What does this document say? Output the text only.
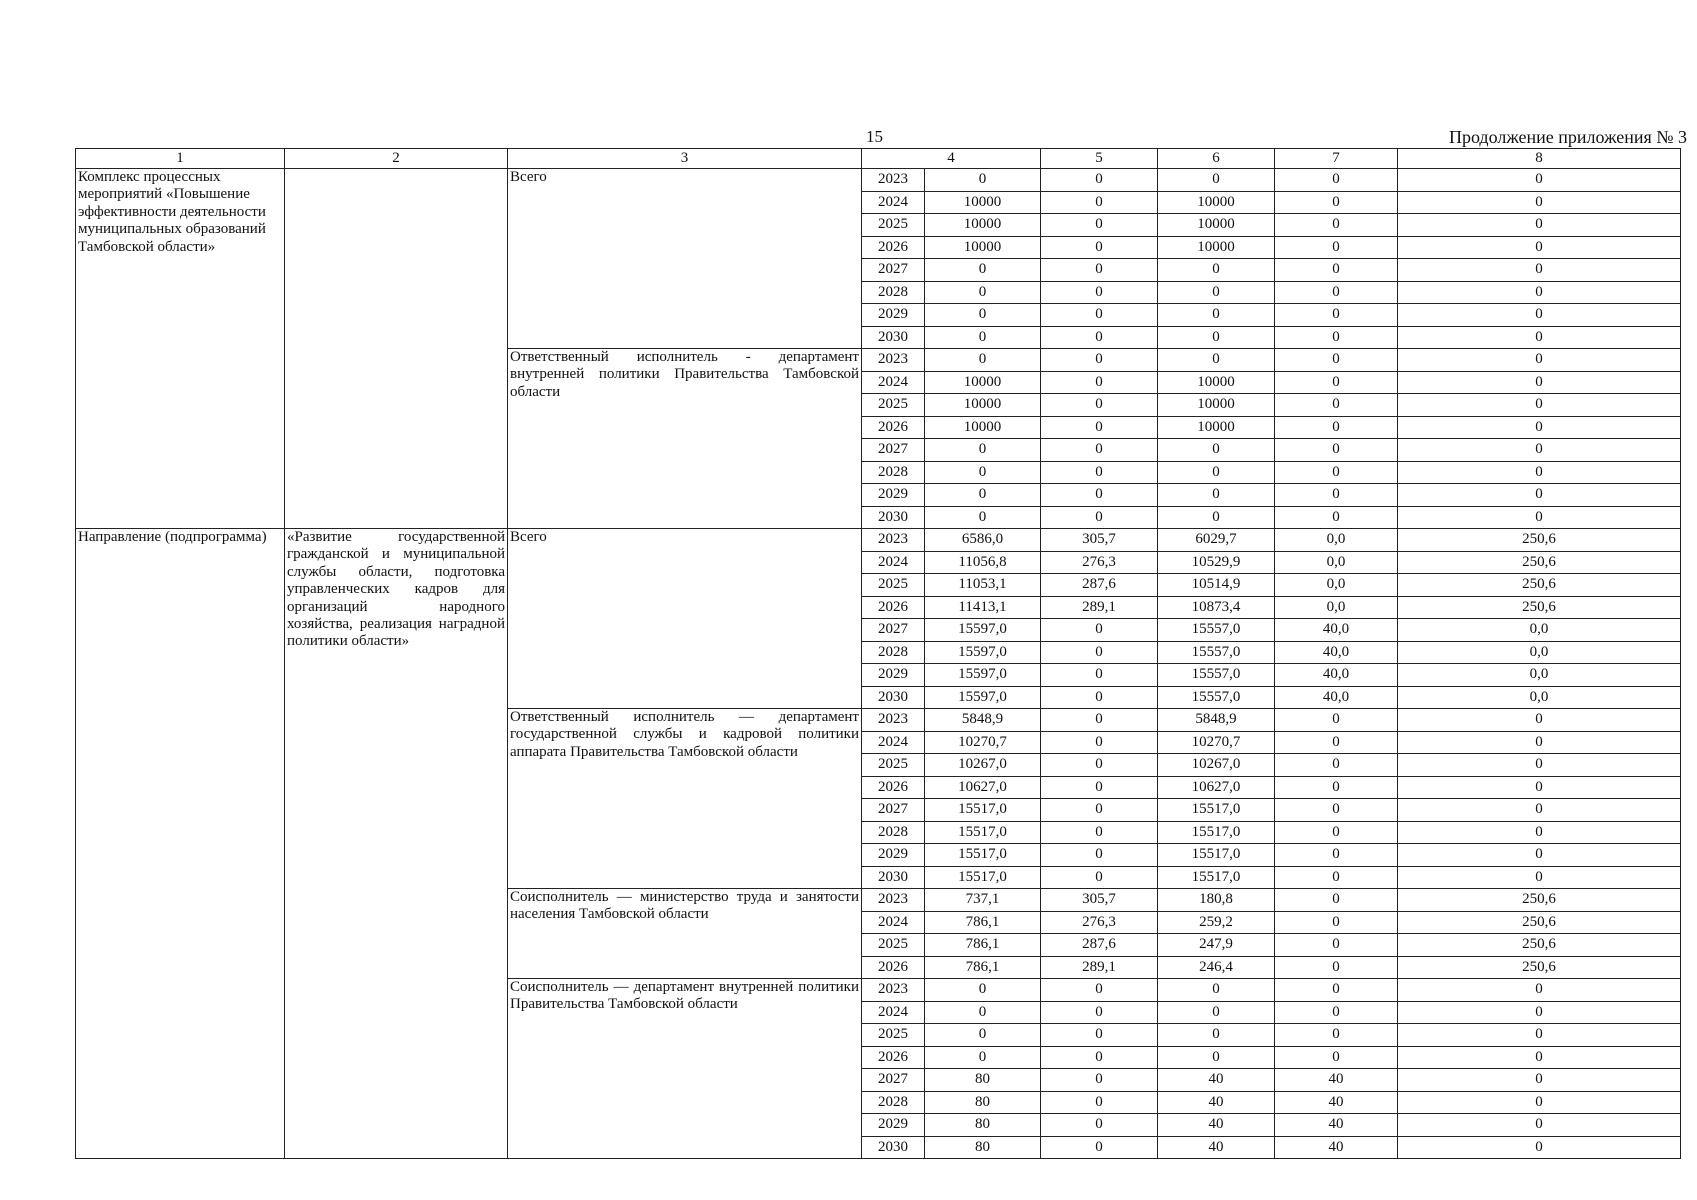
15	Продолжение приложения № 3
1	2	3	4		5	6	7	8
Комплекс процессных мероприятий «Повышение эффективности деятельности муниципальных образований Тамбовской области»		Всего	2023	0	0	0	0	0
			2024	10000	0	10000	0	0
			2025	10000	0	10000	0	0
			2026	10000	0	10000	0	0
			2027	0	0	0	0	0
			2028	0	0	0	0	0
			2029	0	0	0	0	0
			2030	0	0	0	0	0
		Ответственный исполнитель - департамент внутренней политики Правительства Тамбовской области	2023	0	0	0	0	0
			2024	10000	0	10000	0	0
			2025	10000	0	10000	0	0
			2026	10000	0	10000	0	0
			2027	0	0	0	0	0
			2028	0	0	0	0	0
			2029	0	0	0	0	0
			2030	0	0	0	0	0
Направление (подпрограмма)	«Развитие государственной гражданской и муниципальной службы области, подготовка управленческих кадров для организаций народного хозяйства, реализация наградной политики области»	Всего	2023	6586,0	305,7	6029,7	0,0	250,6
			2024	11056,8	276,3	10529,9	0,0	250,6
			2025	11053,1	287,6	10514,9	0,0	250,6
			2026	11413,1	289,1	10873,4	0,0	250,6
			2027	15597,0	0	15557,0	40,0	0,0
			2028	15597,0	0	15557,0	40,0	0,0
			2029	15597,0	0	15557,0	40,0	0,0
			2030	15597,0	0	15557,0	40,0	0,0
		Ответственный исполнитель — департамент государственной службы и кадровой политики аппарата Правительства Тамбовской области	2023	5848,9	0	5848,9	0	0
			2024	10270,7	0	10270,7	0	0
			2025	10267,0	0	10267,0	0	0
			2026	10627,0	0	10627,0	0	0
			2027	15517,0	0	15517,0	0	0
			2028	15517,0	0	15517,0	0	0
			2029	15517,0	0	15517,0	0	0
			2030	15517,0	0	15517,0	0	0
		Соисполнитель — министерство труда и занятости населения Тамбовской области	2023	737,1	305,7	180,8	0	250,6
			2024	786,1	276,3	259,2	0	250,6
			2025	786,1	287,6	247,9	0	250,6
			2026	786,1	289,1	246,4	0	250,6
		Соисполнитель — департамент внутренней политики Правительства Тамбовской области	2023	0	0	0	0	0
			2024	0	0	0	0	0
			2025	0	0	0	0	0
			2026	0	0	0	0	0
			2027	80	0	40	40	0
			2028	80	0	40	40	0
			2029	80	0	40	40	0
			2030	80	0	40	40	0
